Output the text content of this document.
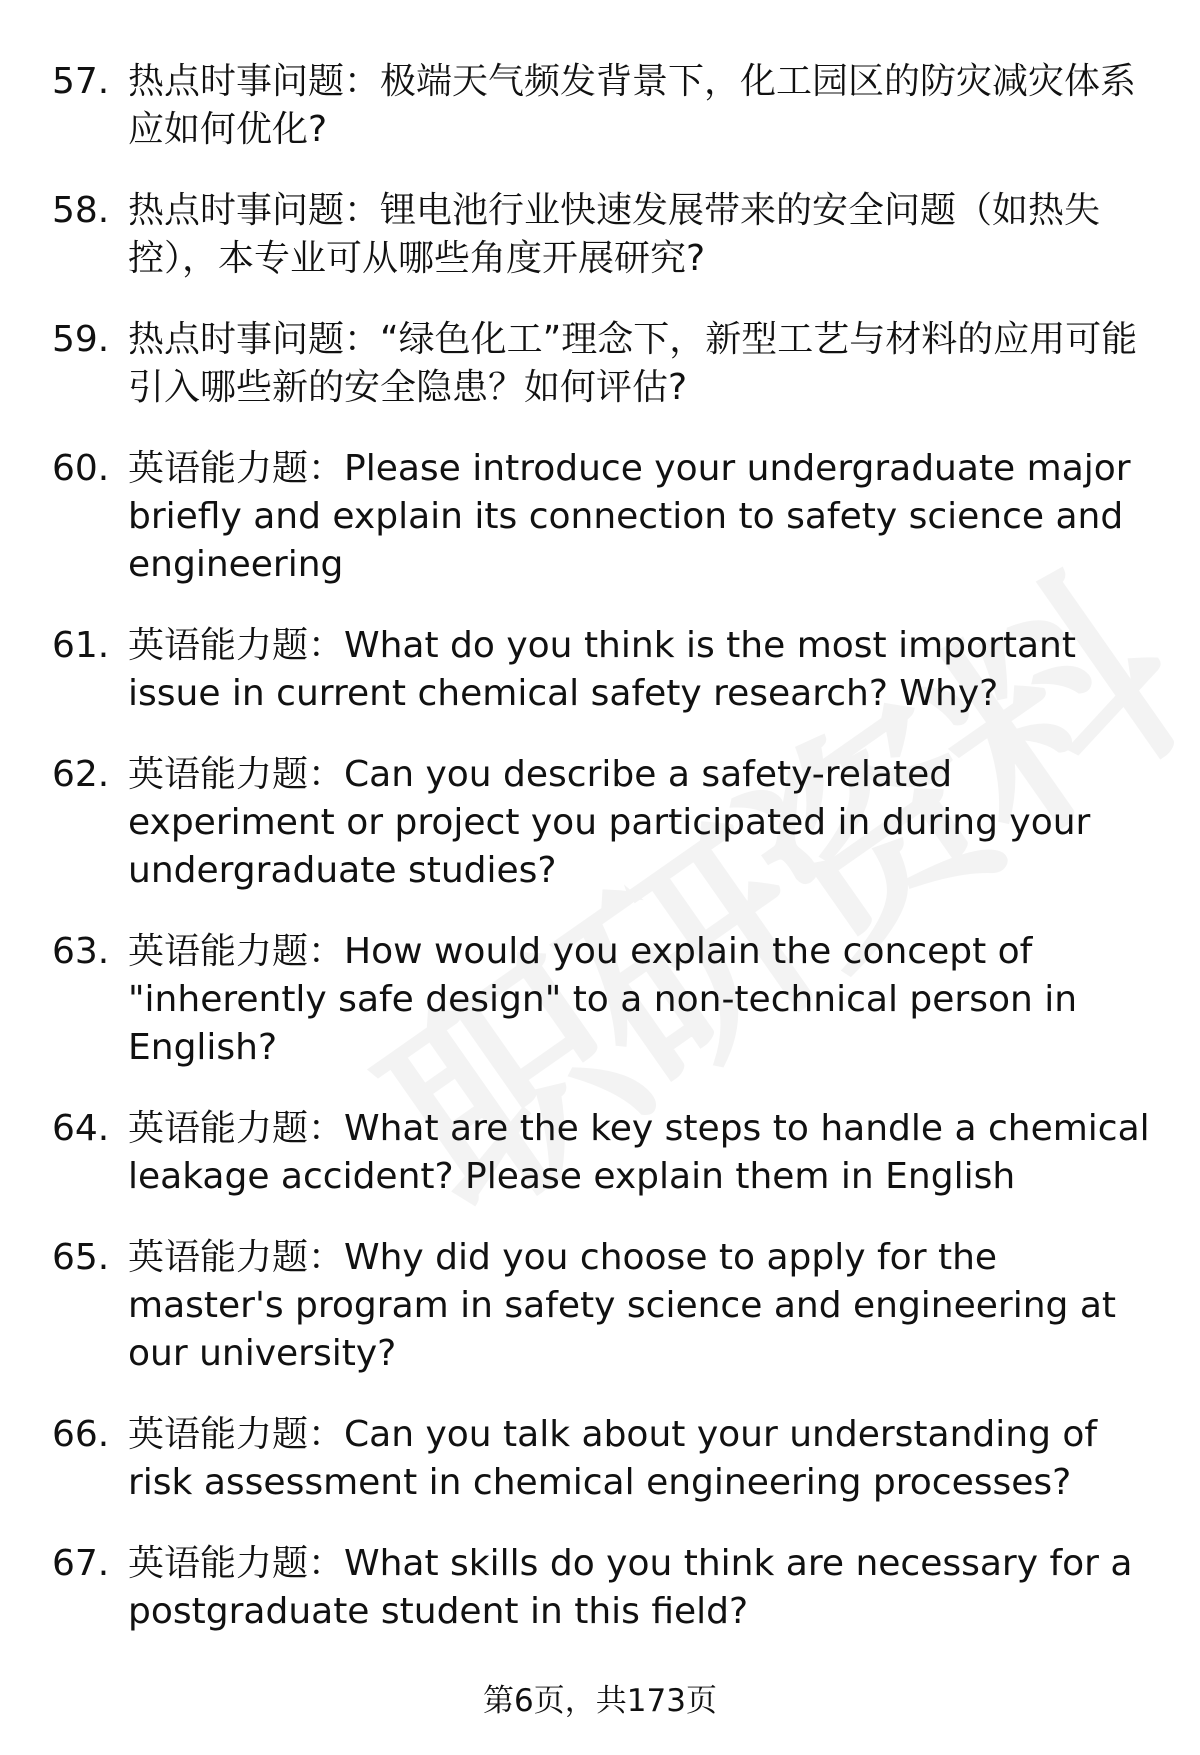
57. 热点时事问题：极端天气频发背景下，化工园区的防灾减灾体系应如何优化?
58. 热点时事问题：锂电池行业快速发展带来的安全问题（如热失控），本专业可从哪些角度开展研究?
59. 热点时事问题：“绿色化工”理念下，新型工艺与材料的应用可能引入哪些新的安全隐患？如何评估?
60. 英语能力题：Please introduce your undergraduate major briefly and explain its connection to safety science and engineering
61. 英语能力题：What do you think is the most important issue in current chemical safety research? Why?
62. 英语能力题：Can you describe a safety-related experiment or project you participated in during your undergraduate studies?
63. 英语能力题：How would you explain the concept of "inherently safe design" to a non-technical person in English?
64. 英语能力题：What are the key steps to handle a chemical leakage accident? Please explain them in English
65. 英语能力题：Why did you choose to apply for the master's program in safety science and engineering at our university?
66. 英语能力题：Can you talk about your understanding of risk assessment in chemical engineering processes?
67. 英语能力题：What skills do you think are necessary for a postgraduate student in this field?
第6页，共173页
